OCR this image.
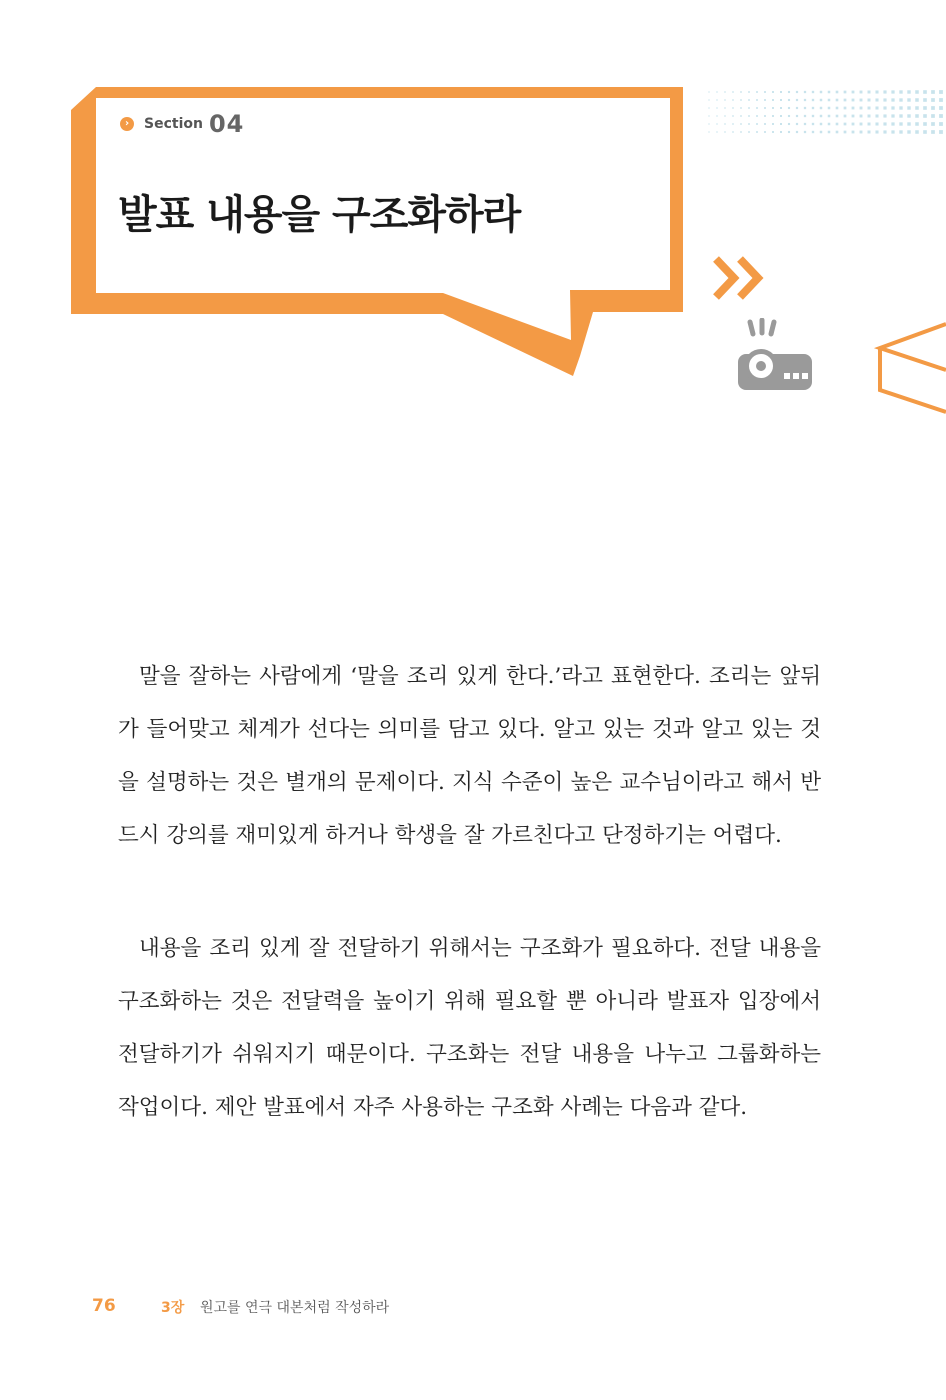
›	Section 04
발표 내용을 구조화하라

말을 잘하는 사람에게 ‘말을 조리 있게 한다.’라고 표현한다. 조리는 앞뒤가 들어맞고 체계가 선다는 의미를 담고 있다. 알고 있는 것과 알고 있는 것을 설명하는 것은 별개의 문제이다. 지식 수준이 높은 교수님이라고 해서 반드시 강의를 재미있게 하거나 학생을 잘 가르친다고 단정하기는 어렵다.

내용을 조리 있게 잘 전달하기 위해서는 구조화가 필요하다. 전달 내용을 구조화하는 것은 전달력을 높이기 위해 필요할 뿐 아니라 발표자 입장에서 전달하기가 쉬워지기 때문이다. 구조화는 전달 내용을 나누고 그룹화하는 작업이다. 제안 발표에서 자주 사용하는 구조화 사례는 다음과 같다.

76	3장 원고를 연극 대본처럼 작성하라
